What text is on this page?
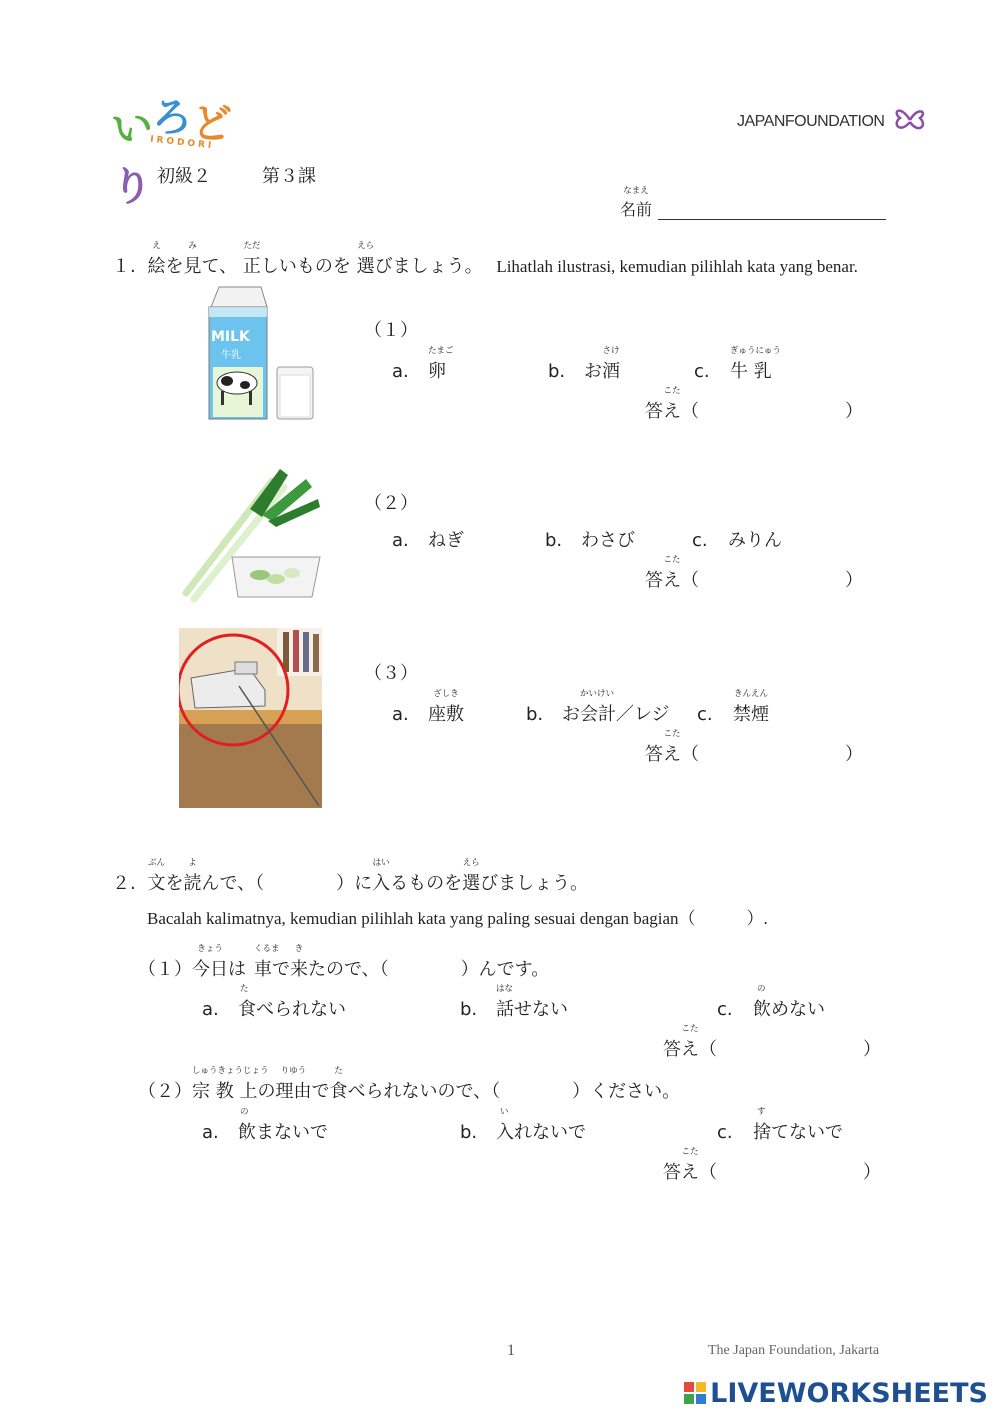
いろどり
IRODORI
初級２	第３課
JAPANFOUNDATION
なまえ
名前
１.
え
絵を
み
見て、
ただ
正しいものを
えら
選びましょう。 Lihatlah ilustrasi, kemudian pilihlah kata yang benar.
MILK
牛乳
（１）
a.
たまご
卵	b. お
さけ
酒	c.
ぎゅうにゅう
牛 乳
こた
答え（	）
（２）
a. ねぎ	b. わさび	c. みりん
こた
答え（	）
（３）
a.
ざしき
座敷	b.
かいけい
お会計／レジ c.
きんえん
禁煙
こた
答え（	）
２.
ぶん
文を
よ
読んで、（　　　　）に
はい
入るものを
えら
選びましょう。
Bacalah kalimatnya, kemudian pilihlah kata yang paling sesuai dengan bagian（　　　）.
（１）
きょう
今日は
くるま
車で
き
来たので、（　　　　）んです。
a.
た
食べられない	b.
はな
話せない	c.
の
飲めない
こた
答え（	）
（２）
しゅうきょうじょう
宗 教 上の
りゆう
理由で
た
食べられないので、（　　　　）ください。
a.
の
飲まないで	b.
い
入れないで	c.
す
捨てないで
こた
答え（	）
1	The Japan Foundation, Jakarta
LIVEWORKSHEETS
